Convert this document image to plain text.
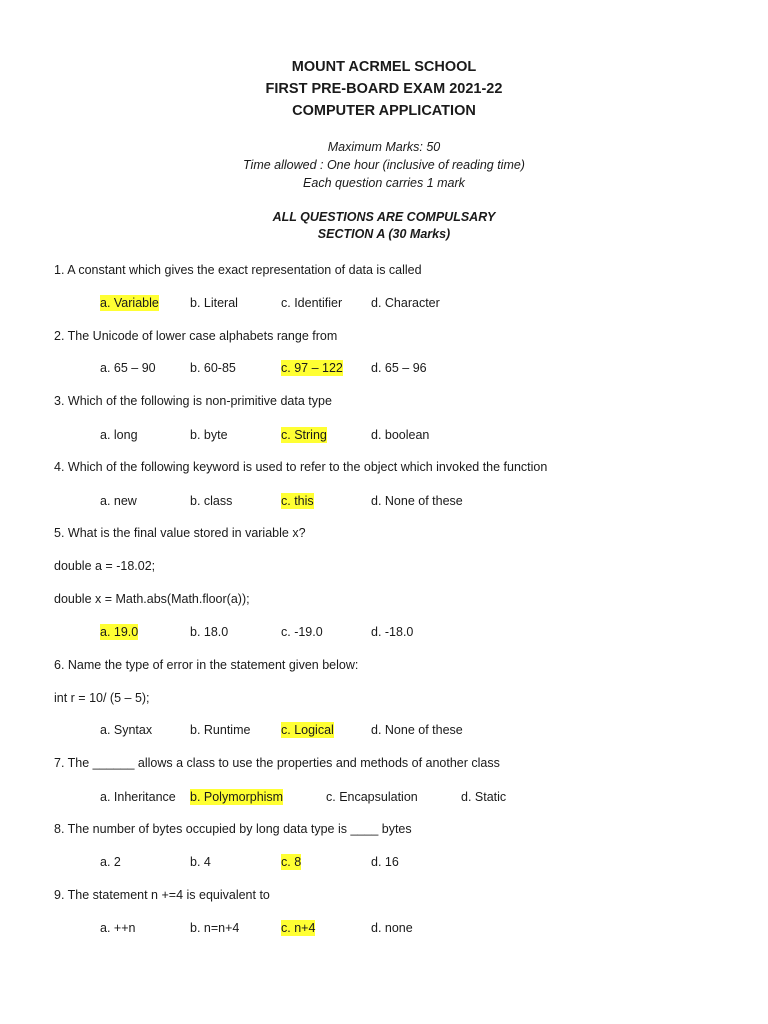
MOUNT ACRMEL SCHOOL
FIRST PRE-BOARD EXAM 2021-22
COMPUTER APPLICATION
Maximum Marks: 50
Time allowed : One hour (inclusive of reading time)
Each question carries 1 mark
ALL QUESTIONS ARE COMPULSARY
SECTION A (30 Marks)
1. A constant which gives the exact representation of data is called
a. Variable b. Literal	c. Identifier d. Character
2. The Unicode of lower case alphabets range from
a. 65 – 90	b. 60-85	c. 97 – 122 d. 65 – 96
3. Which of the following is non-primitive data type
a. long	b. byte	c. String	d. boolean
4. Which of the following keyword is used to refer to the object which invoked the function
a. new	b. class	c. this	d. None of these
5. What is the final value stored in variable x?
double a = -18.02;
double x = Math.abs(Math.floor(a));
a. 19.0	b. 18.0	c. -19.0	d. -18.0
6. Name the type of error in the statement given below:
int r = 10/ (5 – 5);
a. Syntax	b. Runtime c. Logical	d. None of these
7. The ______ allows a class to use the properties and methods of another class
a. Inheritance b. Polymorphism	c. Encapsulation	d. Static
8. The number of bytes occupied by long data type is ____ bytes
a. 2	b. 4	c. 8	d. 16
9. The statement n +=4 is equivalent to
a. ++n	b. n=n+4	c. n+4	d. none
